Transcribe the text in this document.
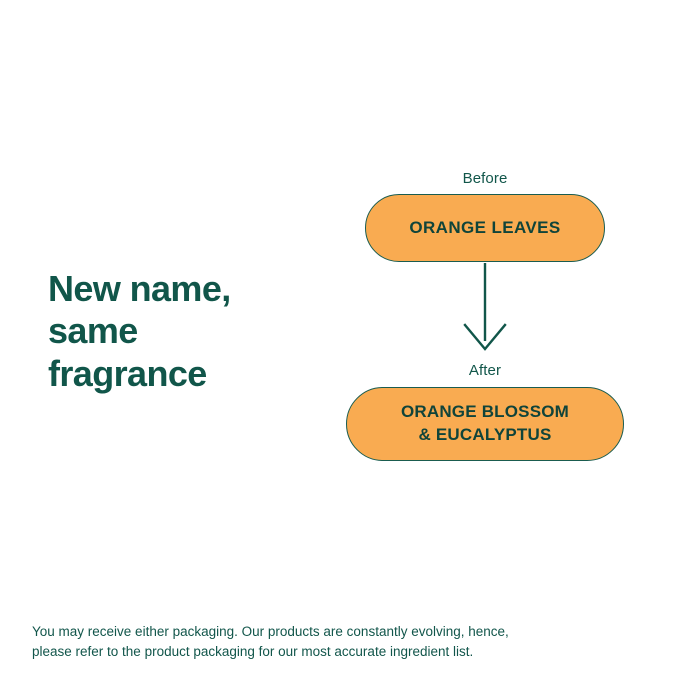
New name,
same
fragrance
Before
ORANGE LEAVES
After
ORANGE BLOSSOM
& EUCALYPTUS
You may receive either packaging. Our products are constantly evolving, hence,
please refer to the product packaging for our most accurate ingredient list.
